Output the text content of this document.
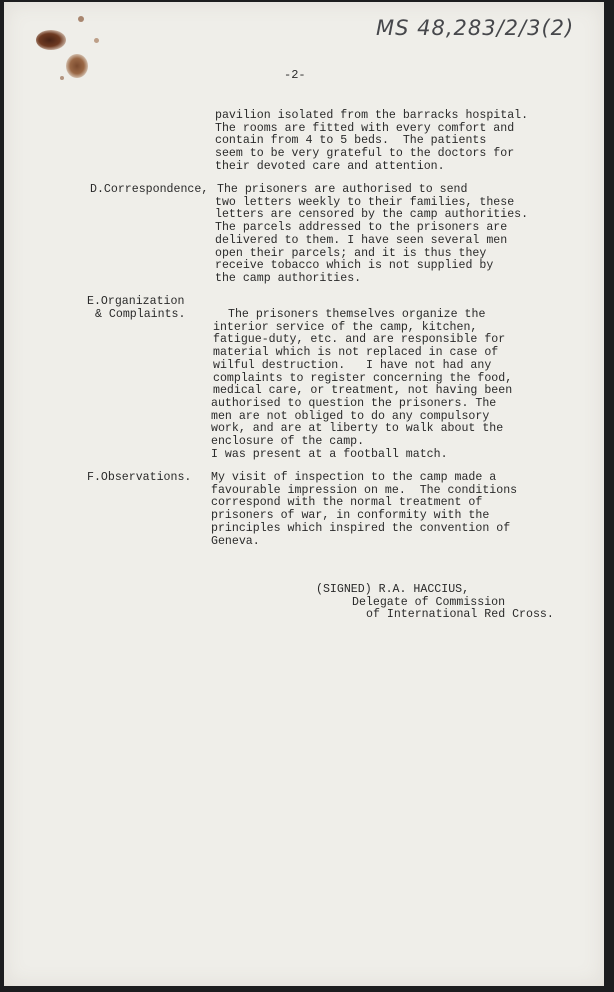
MS 48,283/2/3(2)
-2-
pavilion isolated from the barracks hospital.
The rooms are fitted with every comfort and
contain from 4 to 5 beds.  The patients
seem to be very grateful to the doctors for
their devoted care and attention.
D.Correspondence, The prisoners are authorised to send
two letters weekly to their families, these
letters are censored by the camp authorities.
The parcels addressed to the prisoners are
delivered to them. I have seen several men
open their parcels; and it is thus they
receive tobacco which is not supplied by
the camp authorities.
E.Organization
& Complaints.	The prisoners themselves organize the
interior service of the camp, kitchen,
fatigue-duty, etc. and are responsible for
material which is not replaced in case of
wilful destruction.   I have not had any
complaints to register concerning the food,
medical care, or treatment, not having been
authorised to question the prisoners. The
men are not obliged to do any compulsory
work, and are at liberty to walk about the
enclosure of the camp.
I was present at a football match.
F.Observations. My visit of inspection to the camp made a
favourable impression on me.  The conditions
correspond with the normal treatment of
prisoners of war, in conformity with the
principles which inspired the convention of
Geneva.
(SIGNED) R.A. HACCIUS,
Delegate of Commission
of International Red Cross.
